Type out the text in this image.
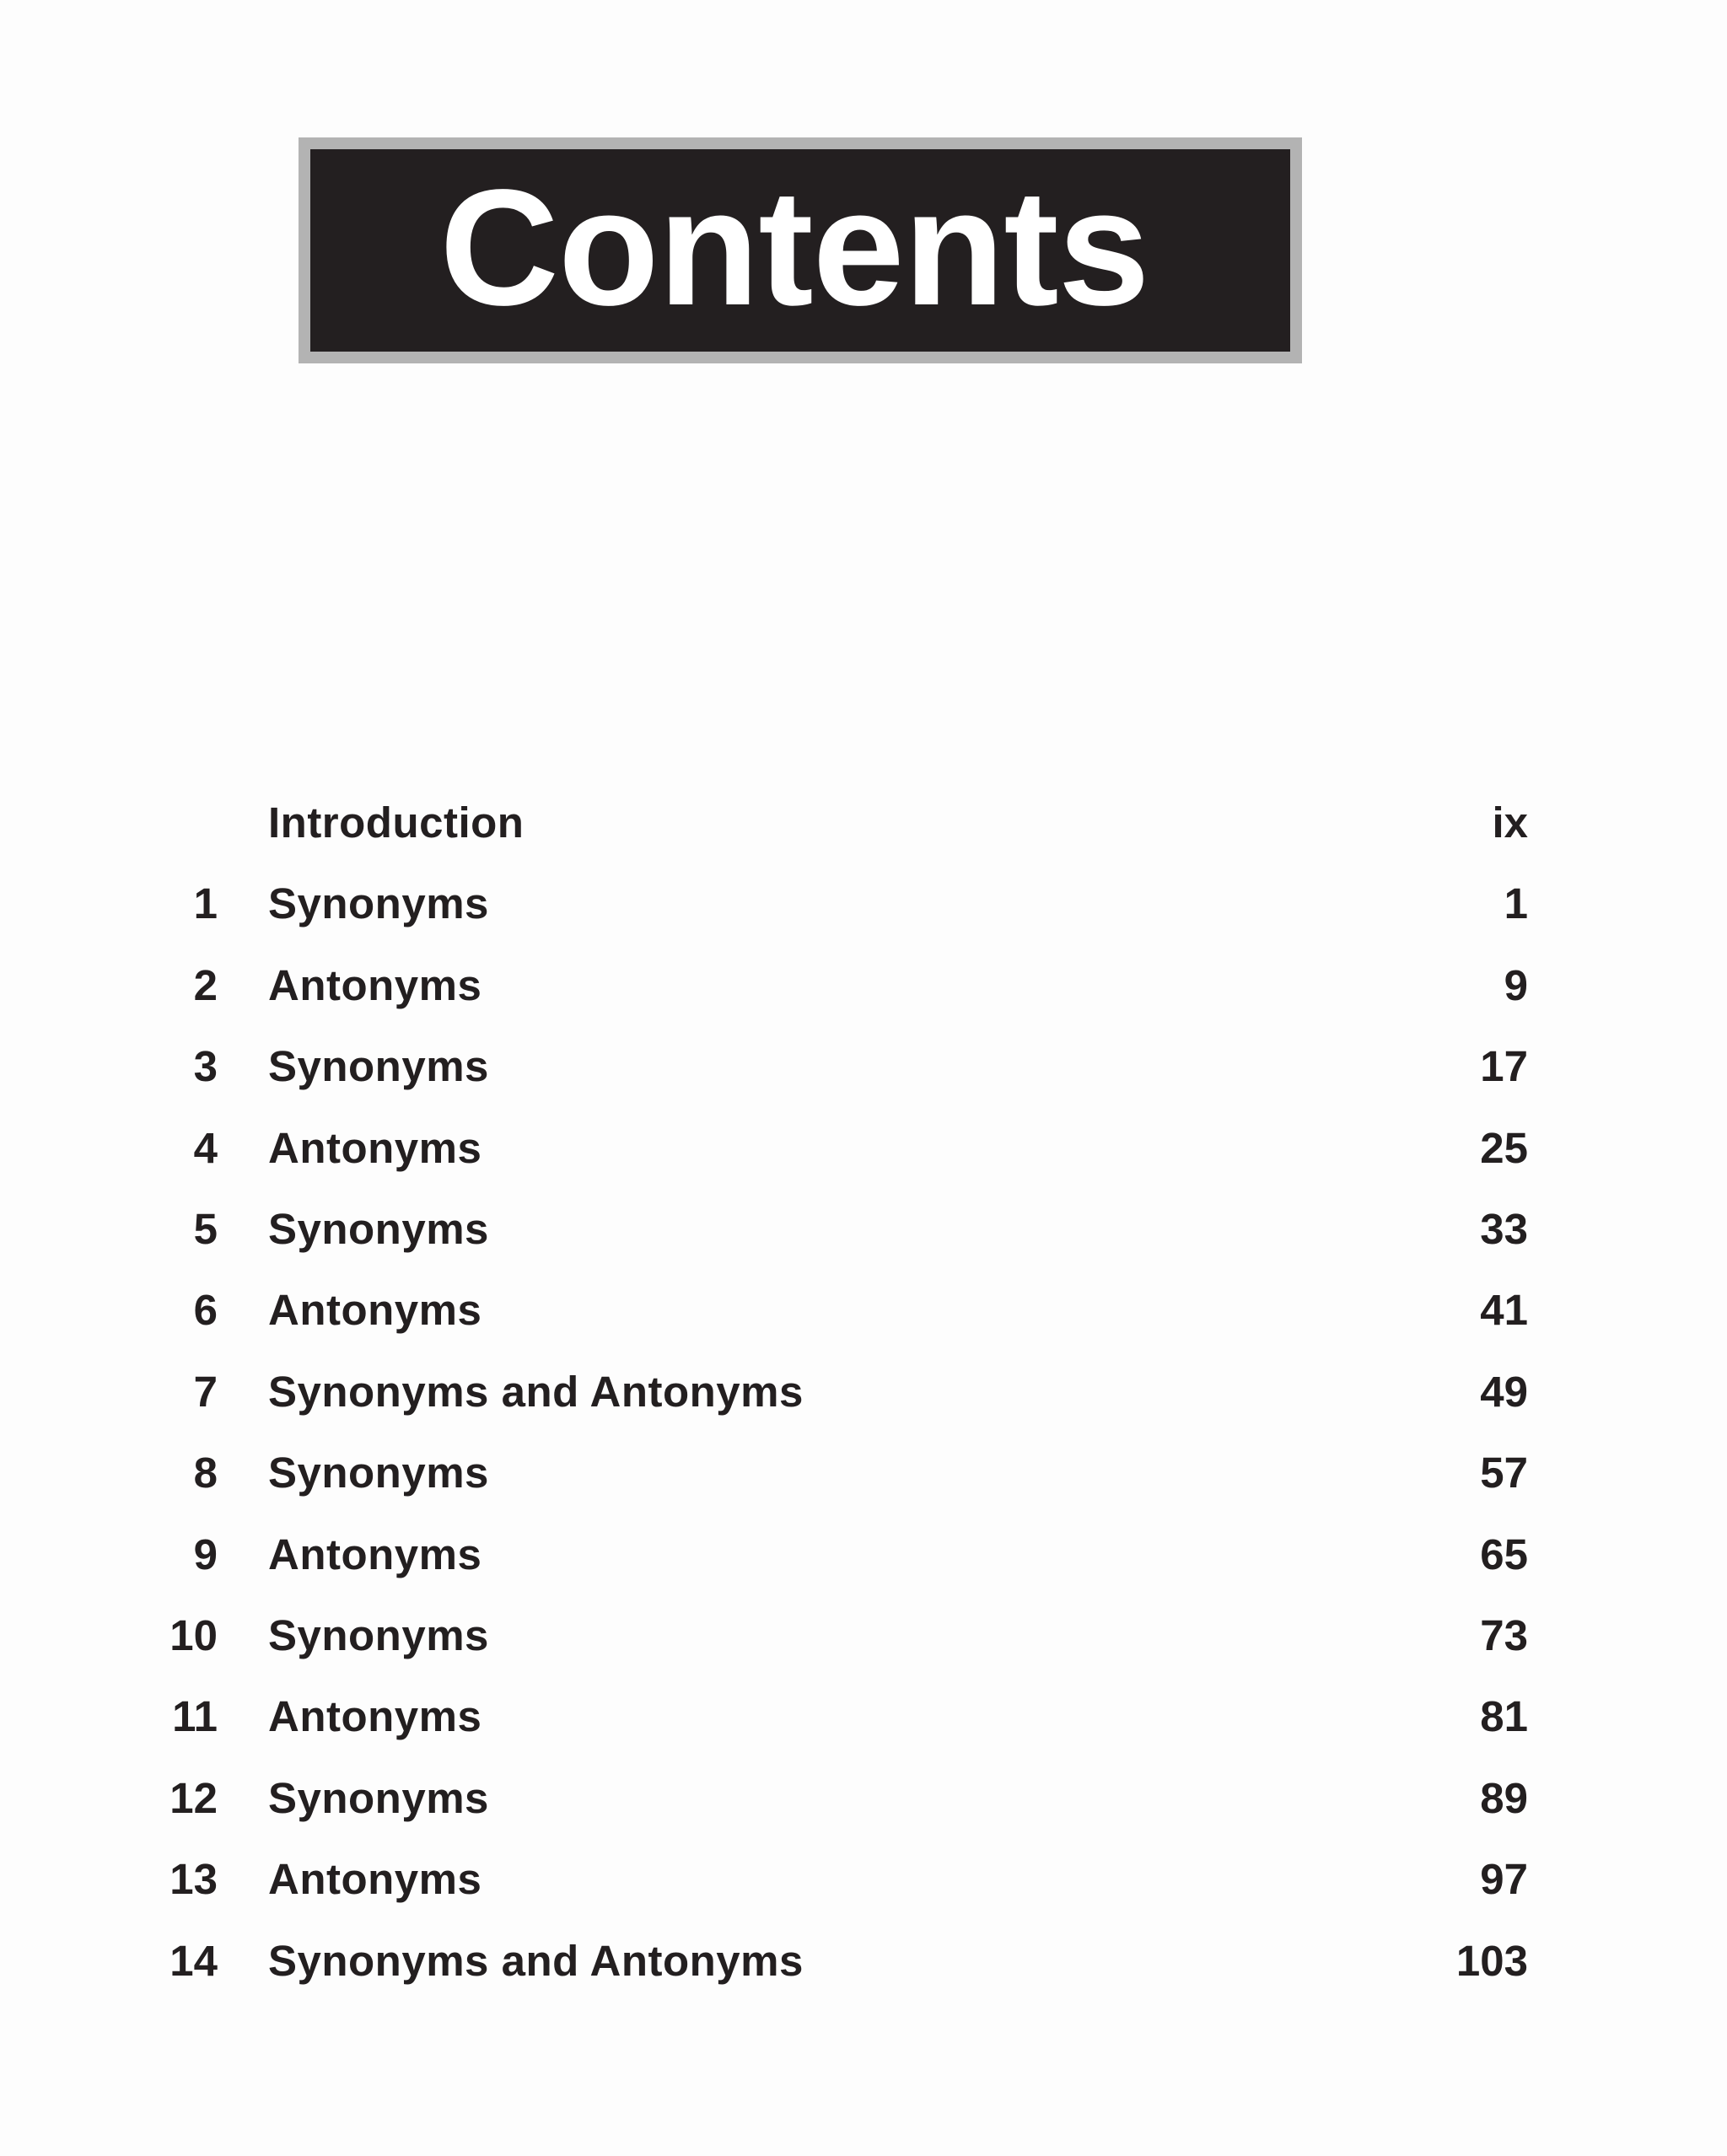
Contents
Introduction	ix
1 Synonyms	1
2 Antonyms	9
3 Synonyms	17
4 Antonyms	25
5 Synonyms	33
6 Antonyms	41
7 Synonyms and Antonyms	49
8 Synonyms	57
9 Antonyms	65
10 Synonyms	73
11 Antonyms	81
12 Synonyms	89
13 Antonyms	97
14 Synonyms and Antonyms	103
